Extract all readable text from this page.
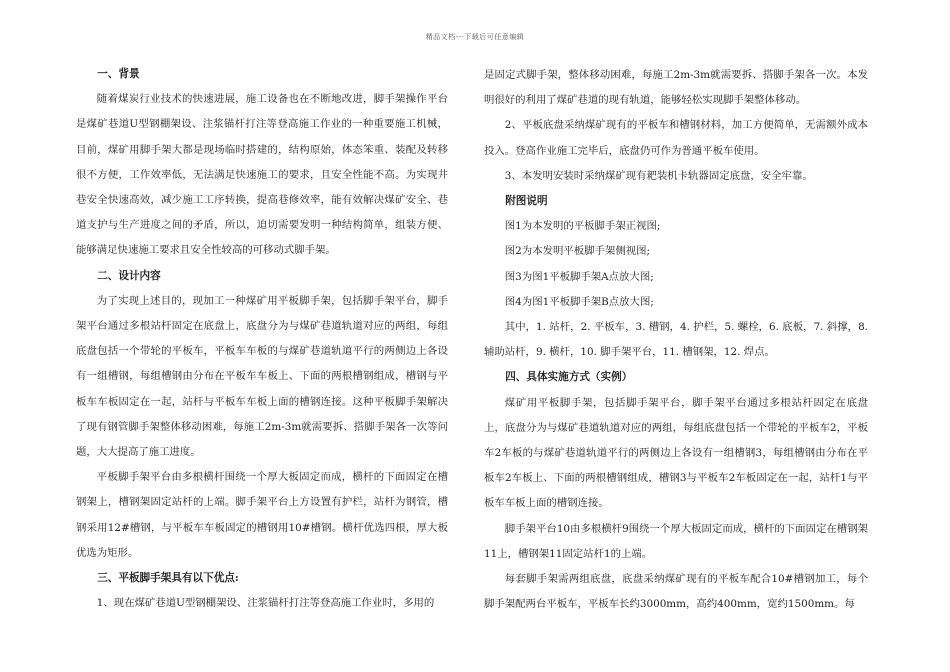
精品文档---下载后可任意编辑
一、背景

随着煤炭行业技术的快速进展，施工设备也在不断地改进，脚手架操作平台是煤矿巷道U型钢棚架设、注浆锚杆打注等登高施工作业的一种重要施工机械，目前，煤矿用脚手架大都是现场临时搭建的，结构原始，体态笨重、装配及转移很不方便，工作效率低，无法满足快速施工的要求，且安全性能不高。为实现井巷安全快速高效，减少施工工序转换，提高巷修效率，能有效解决煤矿安全、巷道支护与生产进度之间的矛盾，所以，迫切需要发明一种结构简单，组装方便、能够满足快速施工要求且安全性较高的可移动式脚手架。

二、设计内容

为了实现上述目的，现加工一种煤矿用平板脚手架，包括脚手架平台，脚手架平台通过多根站杆固定在底盘上，底盘分为与煤矿巷道轨道对应的两组，每组底盘包括一个带轮的平板车，平板车车板的与煤矿巷道轨道平行的两侧边上各设有一组槽钢，每组槽钢由分布在平板车车板上、下面的两根槽钢组成，槽钢与平板车车板固定在一起，站杆与平板车车板上面的槽钢连接。这种平板脚手架解决了现有钢管脚手架整体移动困难，每施工2m-3m就需要拆、搭脚手架各一次等问题，大大提高了施工进度。

平板脚手架平台由多根横杆围绕一个厚大板固定而成，横杆的下面固定在槽钢架上，槽钢架固定站杆的上端。脚手架平台上方设置有护栏，站杆为钢管，槽钢采用12#槽钢，与平板车车板固定的槽钢用10#槽钢。横杆优选四根，厚大板优选为矩形。

三、平板脚手架具有以下优点:

1、现在煤矿巷道U型钢棚架设、注浆锚杆打注等登高施工作业时，多用的

是固定式脚手架，整体移动困难，每施工2m-3m就需要拆、搭脚手架各一次。本发明很好的利用了煤矿巷道的现有轨道，能够轻松实现脚手架整体移动。

2、平板底盘采纳煤矿现有的平板车和槽钢材料，加工方便简单，无需额外成本投入。登高作业施工完毕后，底盘仍可作为普通平板车使用。

3、本发明安装时采纳煤矿现有耙装机卡轨器固定底盘，安全牢靠。

附图说明

图1为本发明的平板脚手架正视图;

图2为本发明平板脚手架侧视图;

图3为图1平板脚手架A点放大图;

图4为图1平板脚手架B点放大图;

其中，1. 站杆，2. 平板车，3. 槽钢，4. 护栏，5. 螺栓，6. 底板，7. 斜撑，8. 辅助站杆，9. 横杆，10. 脚手架平台，11. 槽钢架，12. 焊点。

四、具体实施方式（实例）

煤矿用平板脚手架，包括脚手架平台，脚手架平台通过多根站杆固定在底盘上，底盘分为与煤矿巷道轨道对应的两组，每组底盘包括一个带轮的平板车2，平板车2车板的与煤矿巷道轨道平行的两侧边上各设有一组槽钢3，每组槽钢由分布在平板车2车板上、下面的两根槽钢组成，槽钢3与平板车2车板固定在一起，站杆1与平板车车板上面的槽钢连接。

脚手架平台10由多根横杆9围绕一个厚大板固定而成，横杆的下面固定在槽钢架11上，槽钢架11固定站杆1的上端。

每套脚手架需两组底盘，底盘采纳煤矿现有的平板车配合10#槽钢加工，每个脚手架配两台平板车，平板车长约3000mm，高约400mm，宽约1500mm。每
